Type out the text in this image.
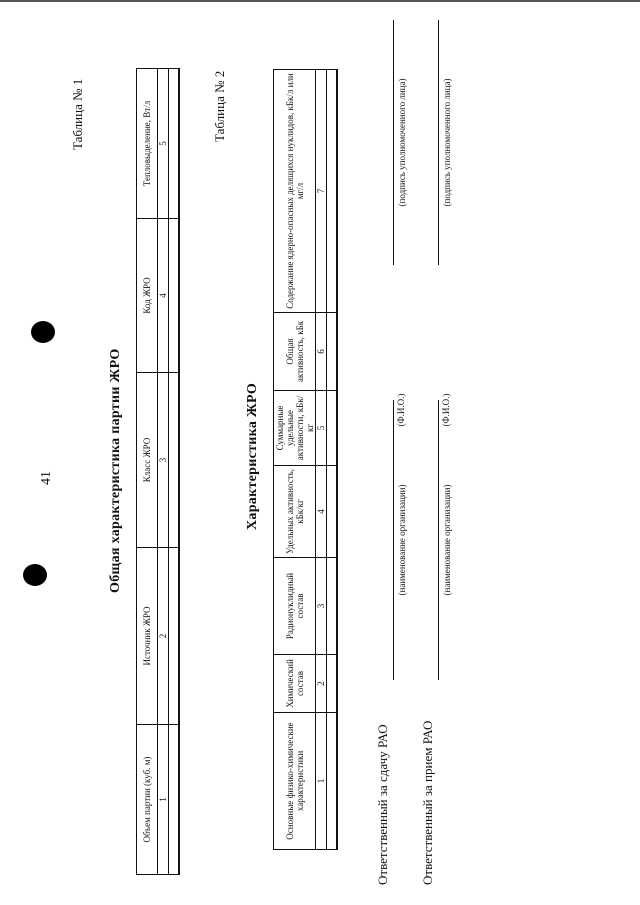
41
Таблица № 1
Общая характеристика партии ЖРО
Объем партии (куб. м)	Источник ЖРО	Класс ЖРО	Код ЖРО	Тепловыделение, Вт/л
1	2	3	4	5

Таблица № 2
Характеристика ЖРО
Основные физико-химические характеристики	Химический состав	Радионуклидный состав	Удельных активность, кБк/кг	Суммарные удельные активности, кБк/кг	Общая активность, кБк	Содержание ядерно-опасных делящихся нуклидов, кБк/л или мг/л
1	2	3	4	5	6	7

Ответственный за сдачу РАО
(наименование организации)
(Ф.И.О.)
(подпись уполномоченного лица)
Ответственный за прием РАО
(наименование организации)
(Ф.И.О.)
(подпись уполномоченного лица)
